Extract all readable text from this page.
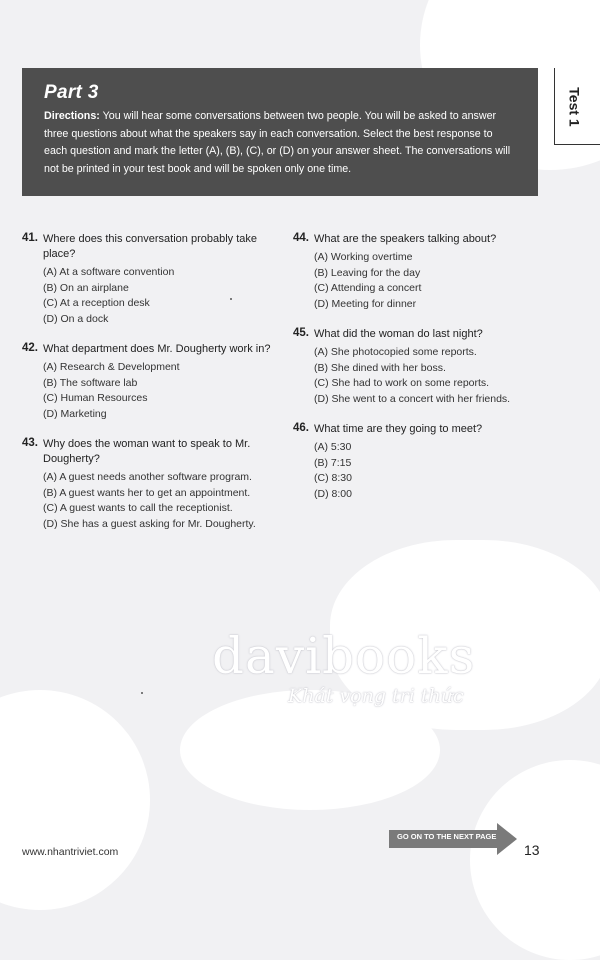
Part 3

Directions: You will hear some conversations between two people. You will be asked to answer three questions about what the speakers say in each conversation. Select the best response to each question and mark the letter (A), (B), (C), or (D) on your answer sheet. The conversations will not be printed in your test book and will be spoken only one time.

Test 1
41. Where does this conversation probably take place?
(A) At a software convention
(B) On an airplane
(C) At a reception desk
(D) On a dock
42. What department does Mr. Dougherty work in?
(A) Research & Development
(B) The software lab
(C) Human Resources
(D) Marketing
43. Why does the woman want to speak to Mr. Dougherty?
(A) A guest needs another software program.
(B) A guest wants her to get an appointment.
(C) A guest wants to call the receptionist.
(D) She has a guest asking for Mr. Dougherty.
44. What are the speakers talking about?
(A) Working overtime
(B) Leaving for the day
(C) Attending a concert
(D) Meeting for dinner
45. What did the woman do last night?
(A) She photocopied some reports.
(B) She dined with her boss.
(C) She had to work on some reports.
(D) She went to a concert with her friends.
46. What time are they going to meet?
(A) 5:30
(B) 7:15
(C) 8:30
(D) 8:00
davibooks
Khát vọng tri thức
GO ON TO THE NEXT PAGE
13
www.nhantriviet.com
